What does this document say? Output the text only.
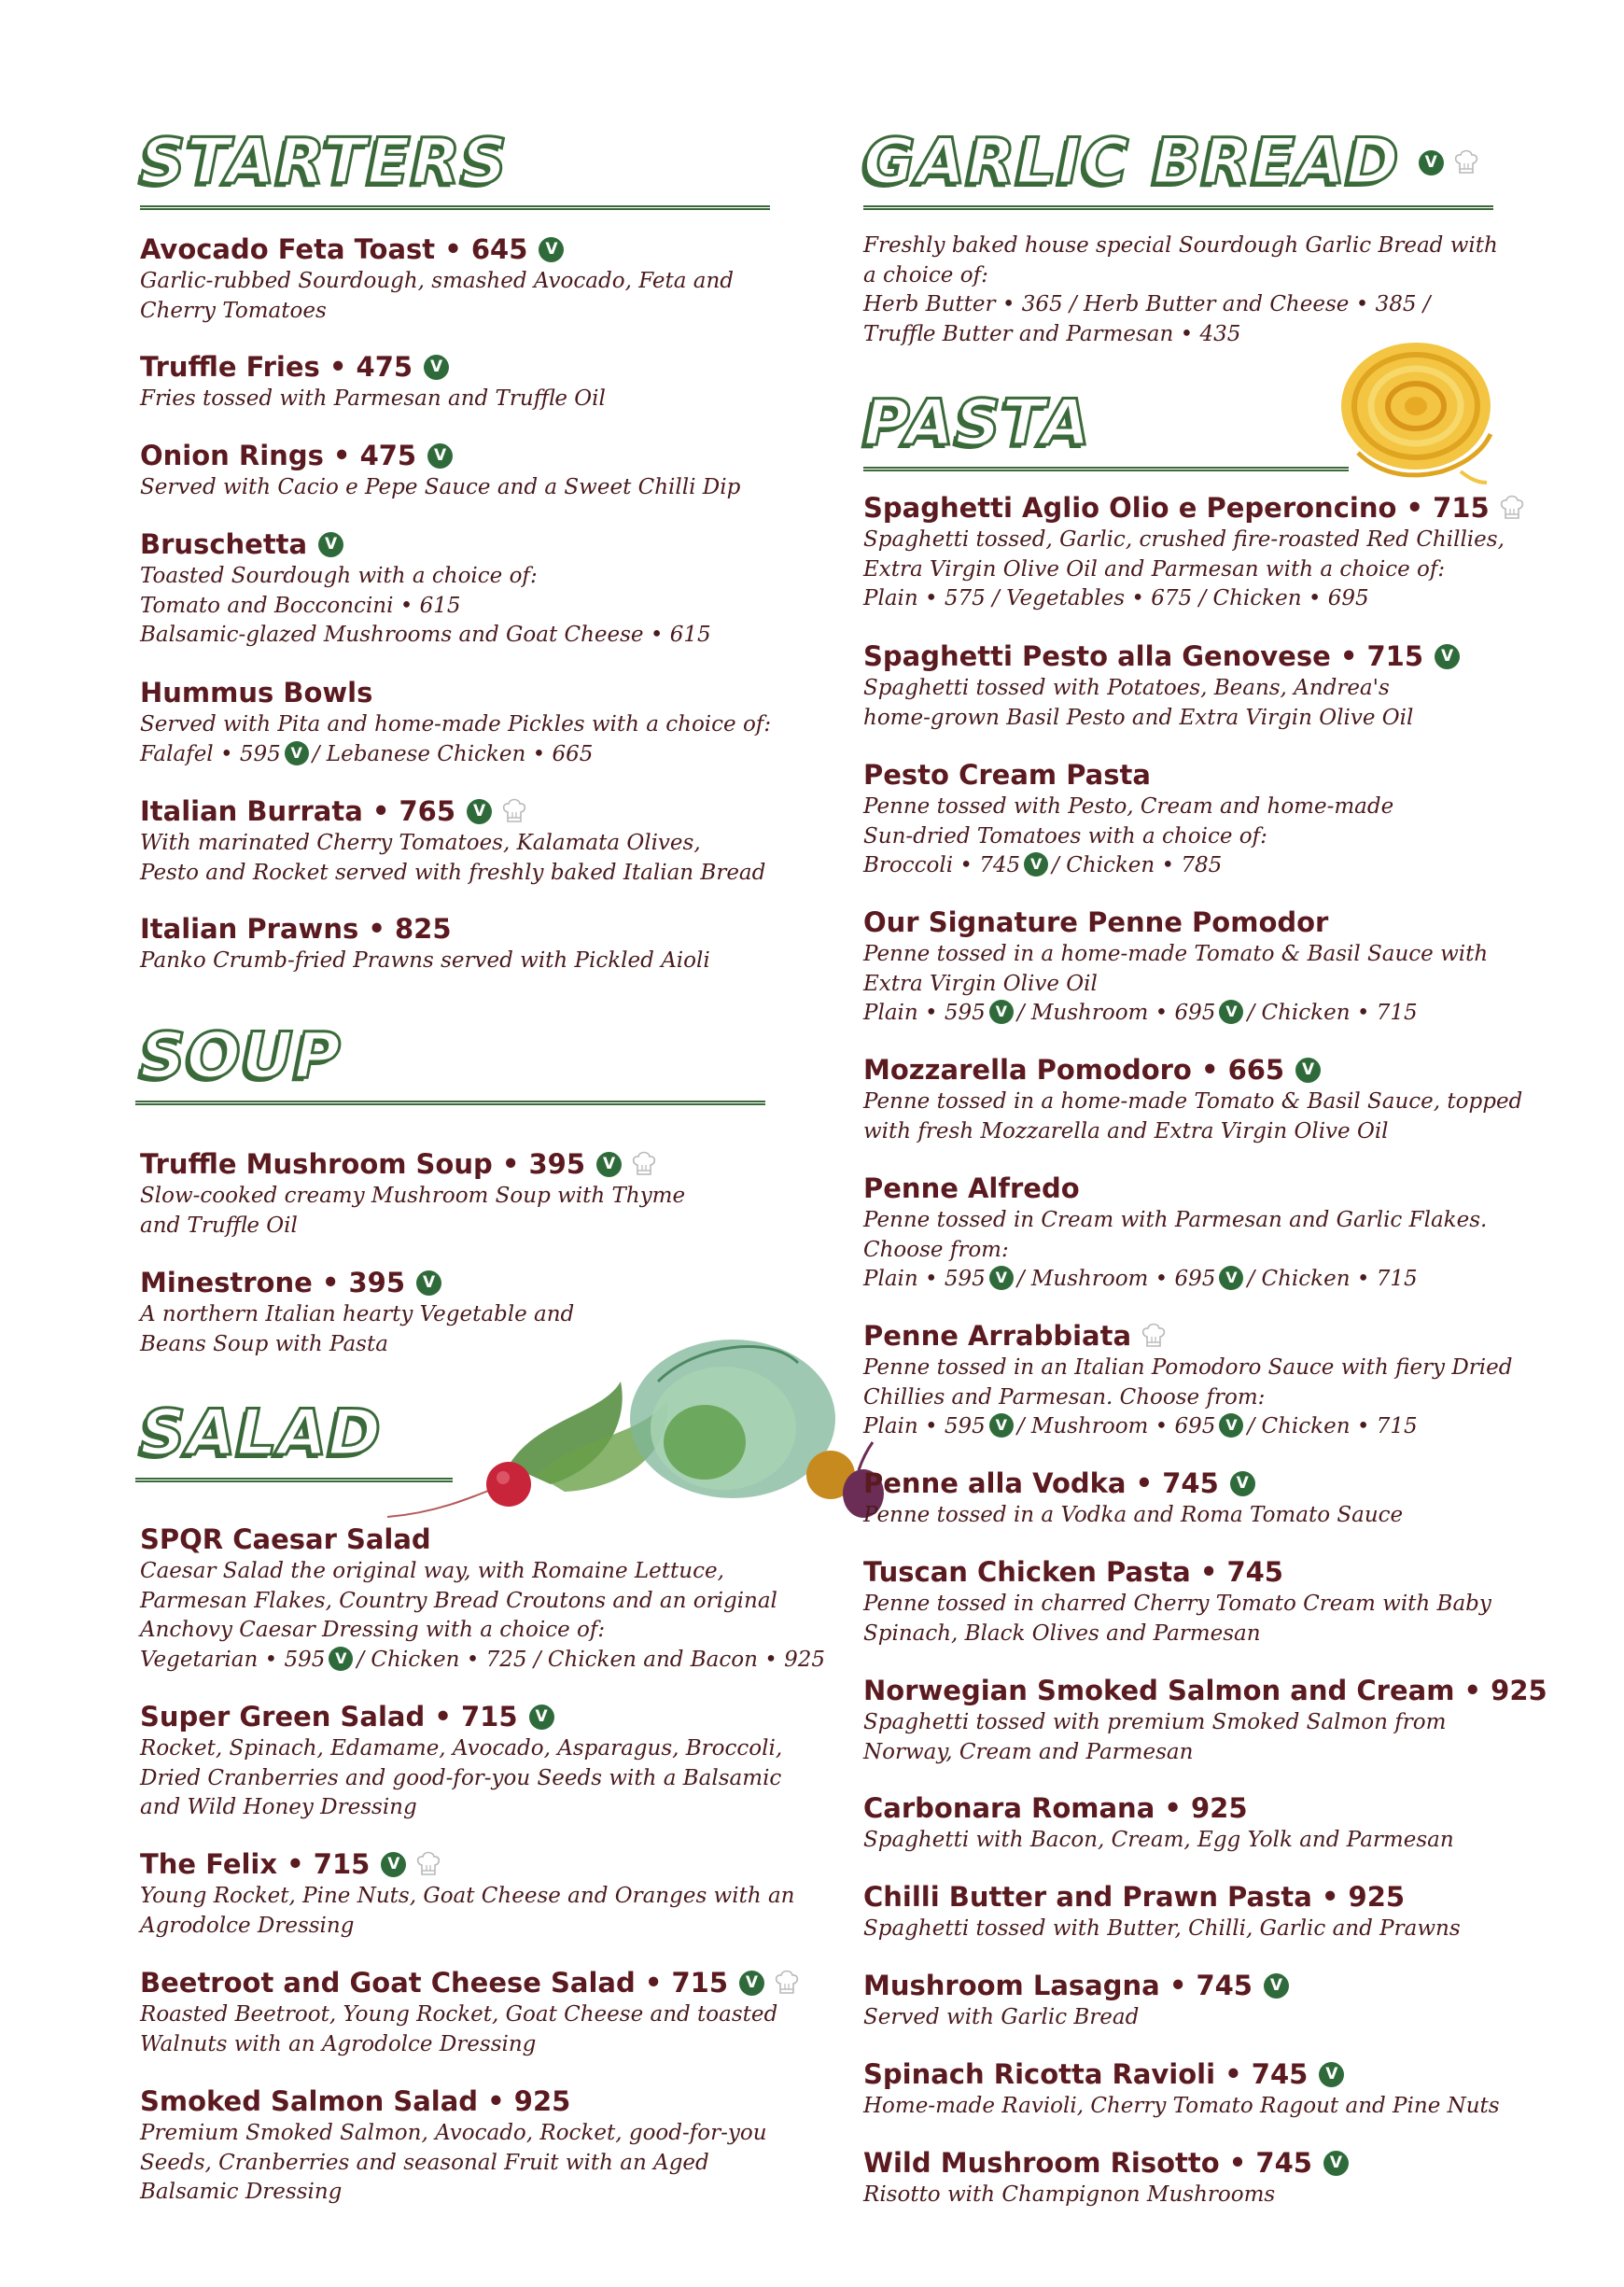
STARTERS
Avocado Feta Toast • 645	V
Garlic-rubbed Sourdough, smashed Avocado, Feta and
Cherry Tomatoes
Truffle Fries • 475	V
Fries tossed with Parmesan and Truffle Oil
Onion Rings • 475	V
Served with Cacio e Pepe Sauce and a Sweet Chilli Dip
Bruschetta	V
Toasted Sourdough with a choice of:
Tomato and Bocconcini • 615
Balsamic-glazed Mushrooms and Goat Cheese • 615
Hummus Bowls
Served with Pita and home-made Pickles with a choice of:
Falafel • 595 V / Lebanese Chicken • 665
Italian Burrata • 765	V
With marinated Cherry Tomatoes, Kalamata Olives,
Pesto and Rocket served with freshly baked Italian Bread
Italian Prawns • 825
Panko Crumb-fried Prawns served with Pickled Aioli
SOUP
Truffle Mushroom Soup • 395	V
Slow-cooked creamy Mushroom Soup with Thyme
and Truffle Oil
Minestrone • 395	V
A northern Italian hearty Vegetable and
Beans Soup with Pasta
SALAD
SPQR Caesar Salad
Caesar Salad the original way, with Romaine Lettuce,
Parmesan Flakes, Country Bread Croutons and an original
Anchovy Caesar Dressing with a choice of:
Vegetarian • 595 V / Chicken • 725 / Chicken and Bacon • 925
Super Green Salad • 715	V
Rocket, Spinach, Edamame, Avocado, Asparagus, Broccoli,
Dried Cranberries and good-for-you Seeds with a Balsamic
and Wild Honey Dressing
The Felix • 715	V
Young Rocket, Pine Nuts, Goat Cheese and Oranges with an
Agrodolce Dressing
Beetroot and Goat Cheese Salad • 715	V
Roasted Beetroot, Young Rocket, Goat Cheese and toasted
Walnuts with an Agrodolce Dressing
Smoked Salmon Salad • 925
Premium Smoked Salmon, Avocado, Rocket, good-for-you
Seeds, Cranberries and seasonal Fruit with an Aged
Balsamic Dressing
GARLIC BREAD	V
Freshly baked house special Sourdough Garlic Bread with
a choice of:
Herb Butter • 365 / Herb Butter and Cheese • 385 /
Truffle Butter and Parmesan • 435
PASTA
Spaghetti Aglio Olio e Peperoncino • 715
Spaghetti tossed, Garlic, crushed fire-roasted Red Chillies,
Extra Virgin Olive Oil and Parmesan with a choice of:
Plain • 575 / Vegetables • 675 / Chicken • 695
Spaghetti Pesto alla Genovese • 715	V
Spaghetti tossed with Potatoes, Beans, Andrea's
home-grown Basil Pesto and Extra Virgin Olive Oil
Pesto Cream Pasta
Penne tossed with Pesto, Cream and home-made
Sun-dried Tomatoes with a choice of:
Broccoli • 745 V / Chicken • 785
Our Signature Penne Pomodor
Penne tossed in a home-made Tomato & Basil Sauce with
Extra Virgin Olive Oil
Plain • 595 V / Mushroom • 695 V / Chicken • 715
Mozzarella Pomodoro • 665	V
Penne tossed in a home-made Tomato & Basil Sauce, topped
with fresh Mozzarella and Extra Virgin Olive Oil
Penne Alfredo
Penne tossed in Cream with Parmesan and Garlic Flakes.
Choose from:
Plain • 595 V / Mushroom • 695 V / Chicken • 715
Penne Arrabbiata
Penne tossed in an Italian Pomodoro Sauce with fiery Dried
Chillies and Parmesan. Choose from:
Plain • 595 V / Mushroom • 695 V / Chicken • 715
Penne alla Vodka • 745	V
Penne tossed in a Vodka and Roma Tomato Sauce
Tuscan Chicken Pasta • 745
Penne tossed in charred Cherry Tomato Cream with Baby
Spinach, Black Olives and Parmesan
Norwegian Smoked Salmon and Cream • 925
Spaghetti tossed with premium Smoked Salmon from
Norway, Cream and Parmesan
Carbonara Romana • 925
Spaghetti with Bacon, Cream, Egg Yolk and Parmesan
Chilli Butter and Prawn Pasta • 925
Spaghetti tossed with Butter, Chilli, Garlic and Prawns
Mushroom Lasagna • 745	V
Served with Garlic Bread
Spinach Ricotta Ravioli • 745	V
Home-made Ravioli, Cherry Tomato Ragout and Pine Nuts
Wild Mushroom Risotto • 745	V
Risotto with Champignon Mushrooms
